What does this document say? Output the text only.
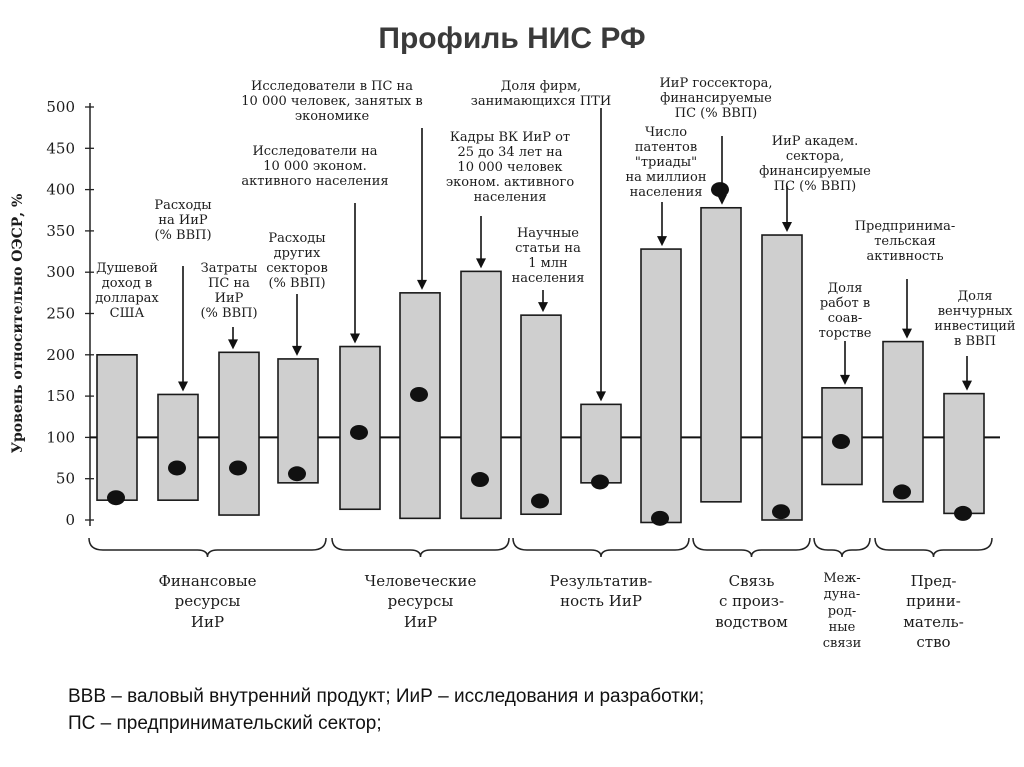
Профиль НИС РФ
0
50
100
150
200
250
300
350
400
450
500
Уровень относительно ОЭСР, %	Душевой
доход в
долларах
США
Расходы
на ИиР
(% ВВП)
Затраты
ПС на
ИиР
(% ВВП)
Расходы
других
секторов
(% ВВП)
Исследователи на
10 000 эконом.
активного населения
Исследователи в ПС на
10 000 человек, занятых в
экономике
Кадры ВК ИиР от
25 до 34 лет на
10 000 человек
эконом. активного
населения
Научные
статьи на
1 млн
населения
Доля фирм,
занимающихся ПТИ
Число
патентов
"триады"
на миллион
населения
ИиР госсектора,
финансируемые
ПС (% ВВП)
ИиР академ.
сектора,
финансируемые
ПС (% ВВП)
Доля
работ в
соав-
торстве
Предпринима-
тельская
активность
Доля
венчурных
инвестиций
в ВВП
Финансовые
ресурсы
ИиР
Человеческие
ресурсы
ИиР
Результатив-
ность ИиР
Связь
с произ-
водством
Меж-
дуна-
род-
ные
связи
Пред-
прини-
матель-
ство
ВВВ – валовый внутренний продукт; ИиР – исследования и разработки;
ПС – предпринимательский сектор;
